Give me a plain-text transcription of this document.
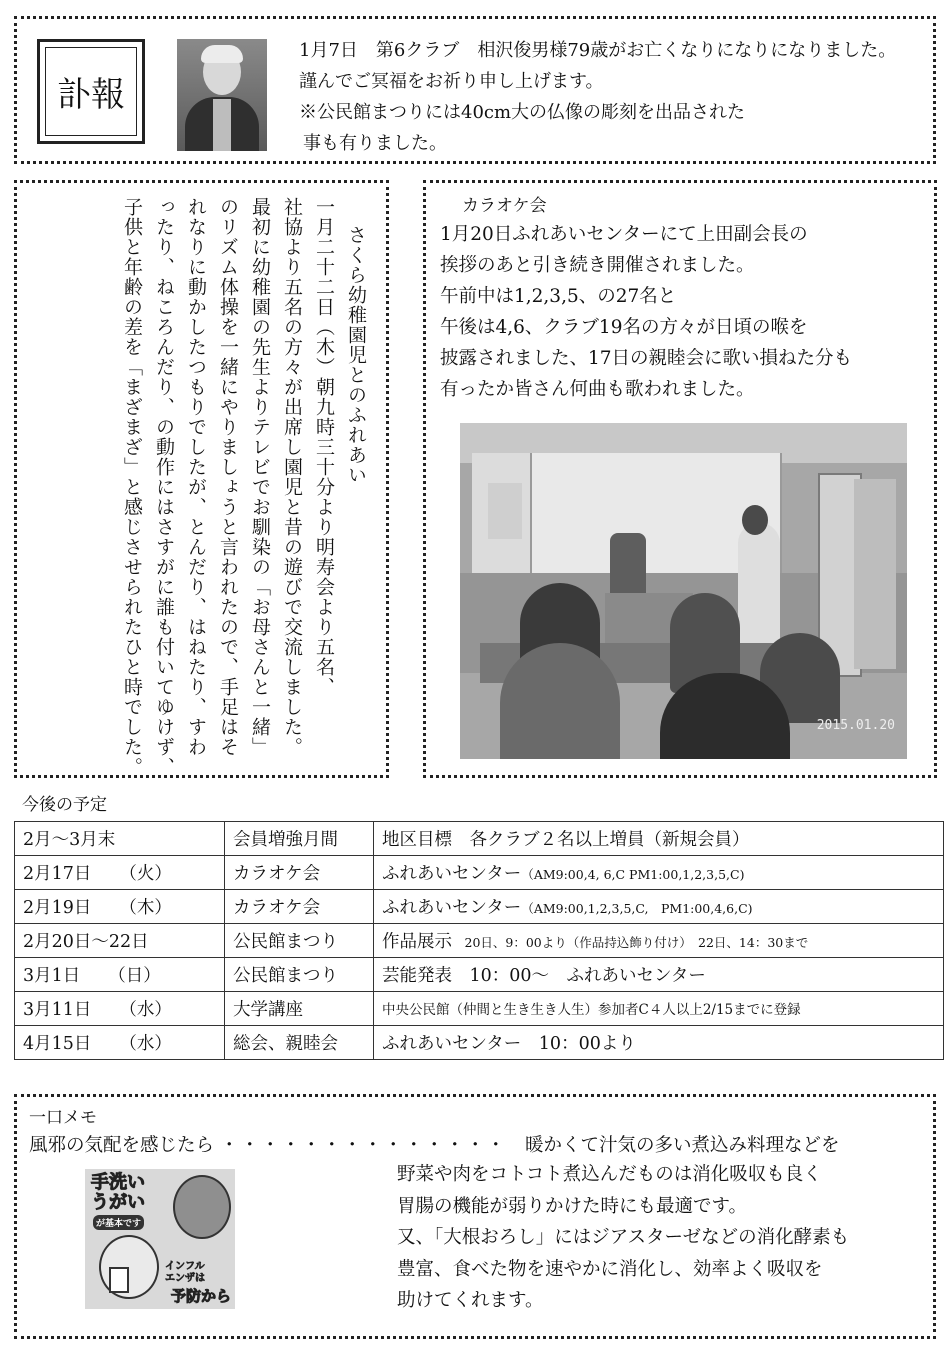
訃報
1月7日　第6クラブ　相沢俊男様79歳がお亡くなりになりになりました。
謹んでご冥福をお祈り申し上げます。
※公民館まつりには40cm大の仏像の彫刻を出品された
事も有りました。
さくら幼稚園児とのふれあい
一月二十二日（木）朝九時三十分より明寿会より五名、
社協より五名の方々が出席し園児と昔の遊びで交流しました。
最初に幼稚園の先生よりテレビでお馴染の「お母さんと一緒」
のリズム体操を一緒にやりましょうと言われたので、手足はそ
れなりに動かしたつもりでしたが、とんだり、はねたり、すわ
ったり、ねころんだり、の動作にはさすがに誰も付いてゆけず、
子供と年齢の差を「まざまざ」と感じさせられたひと時でした。	カラオケ会
1月20日ふれあいセンターにて上田副会長の
挨拶のあと引き続き開催されました。
午前中は1,2,3,5、の27名と
午後は4,6、クラブ19名の方々が日頃の喉を
披露されました、17日の親睦会に歌い損ねた分も
有ったか皆さん何曲も歌われました。
2015.01.20
今後の予定
2月～3月末	会員増強月間	地区目標　各クラブ２名以上増員（新規会員）
2月17日 （火）	カラオケ会	ふれあいセンター（AM9:00,4, 6,C PM1:00,1,2,3,5,C)
2月19日 （木）	カラオケ会	ふれあいセンター（AM9:00,1,2,3,5,C,　PM1:00,4,6,C)
2月20日～22日	公民館まつり	作品展示　20日、9：00より（作品持込飾り付け）　22日、14：30まで
3月1日 （日）	公民館まつり	芸能発表　10：00～　ふれあいセンター
3月11日 （水）	大学講座	中央公民館（仲間と生き生き人生）参加者C４人以上2/15までに登録
4月15日 （水）	総会、親睦会	ふれあいセンター　10：00より
一口メモ
風邪の気配を感じたら ・・・・・・・・・・・・・・ 暖かくて汁気の多い煮込み料理などを
手洗い
うがい
が基本です
インフル
エンザは
予防から
野菜や肉をコトコト煮込んだものは消化吸収も良く
胃腸の機能が弱りかけた時にも最適です。
又、「大根おろし」にはジアスターゼなどの消化酵素も
豊富、食べた物を速やかに消化し、効率よく吸収を
助けてくれます。
